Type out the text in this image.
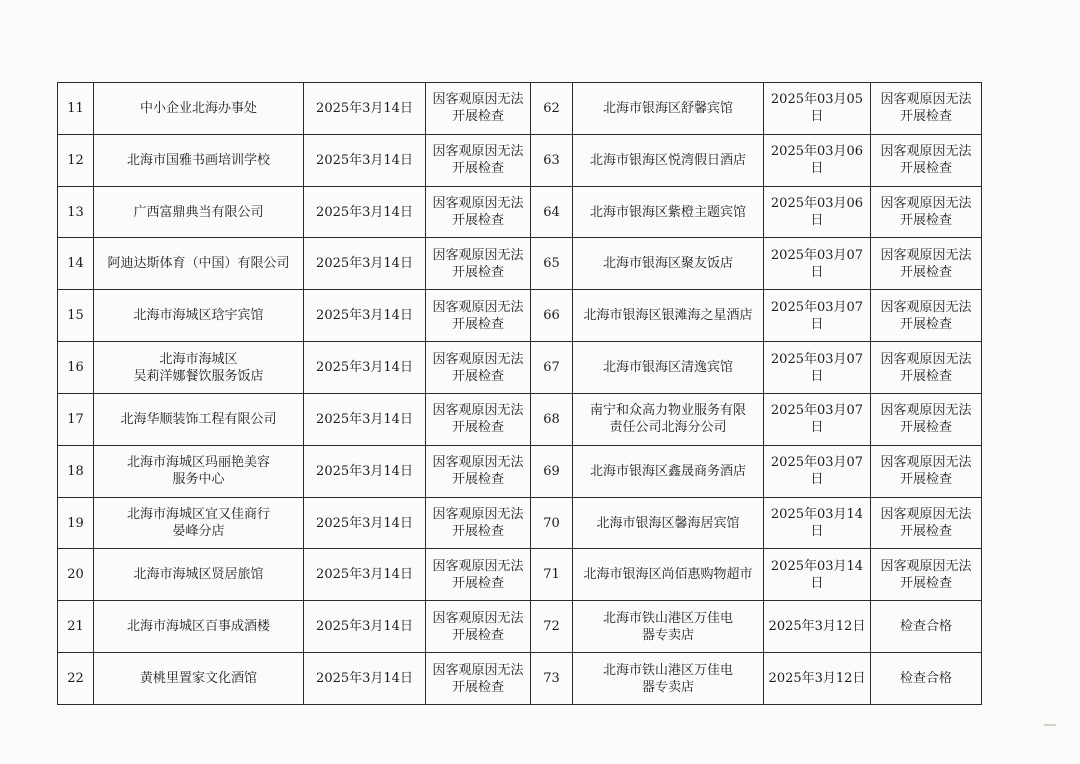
11	中小企业北海办事处	2025年3月14日	因客观原因无法
开展检查	62	北海市银海区舒馨宾馆	2025年03月05日	因客观原因无法
开展检查
12	北海市国雅书画培训学校	2025年3月14日	因客观原因无法
开展检查	63	北海市银海区悦湾假日酒店	2025年03月06日	因客观原因无法
开展检查
13	广西富鼎典当有限公司	2025年3月14日	因客观原因无法
开展检查	64	北海市银海区紫橙主题宾馆	2025年03月06日	因客观原因无法
开展检查
14	阿迪达斯体育（中国）有限公司	2025年3月14日	因客观原因无法
开展检查	65	北海市银海区聚友饭店	2025年03月07日	因客观原因无法
开展检查
15	北海市海城区琀宇宾馆	2025年3月14日	因客观原因无法
开展检查	66	北海市银海区银滩海之星酒店	2025年03月07日	因客观原因无法
开展检查
16	北海市海城区
吴莉洋娜餐饮服务饭店	2025年3月14日	因客观原因无法
开展检查	67	北海市银海区清逸宾馆	2025年03月07日	因客观原因无法
开展检查
17	北海华顺装饰工程有限公司	2025年3月14日	因客观原因无法
开展检查	68	南宁和众高力物业服务有限
责任公司北海分公司	2025年03月07日	因客观原因无法
开展检查
18	北海市海城区玛丽艳美容
服务中心	2025年3月14日	因客观原因无法
开展检查	69	北海市银海区鑫晟商务酒店	2025年03月07日	因客观原因无法
开展检查
19	北海市海城区宜又佳商行
晏峰分店	2025年3月14日	因客观原因无法
开展检查	70	北海市银海区馨海居宾馆	2025年03月14日	因客观原因无法
开展检查
20	北海市海城区贤居旅馆	2025年3月14日	因客观原因无法
开展检查	71	北海市银海区尚佰惠购物超市	2025年03月14日	因客观原因无法
开展检查
21	北海市海城区百事成酒楼	2025年3月14日	因客观原因无法
开展检查	72	北海市铁山港区万佳电
器专卖店	2025年3月12日	检查合格
22	黄桃里置家文化酒馆	2025年3月14日	因客观原因无法
开展检查	73	北海市铁山港区万佳电
器专卖店	2025年3月12日	检查合格
